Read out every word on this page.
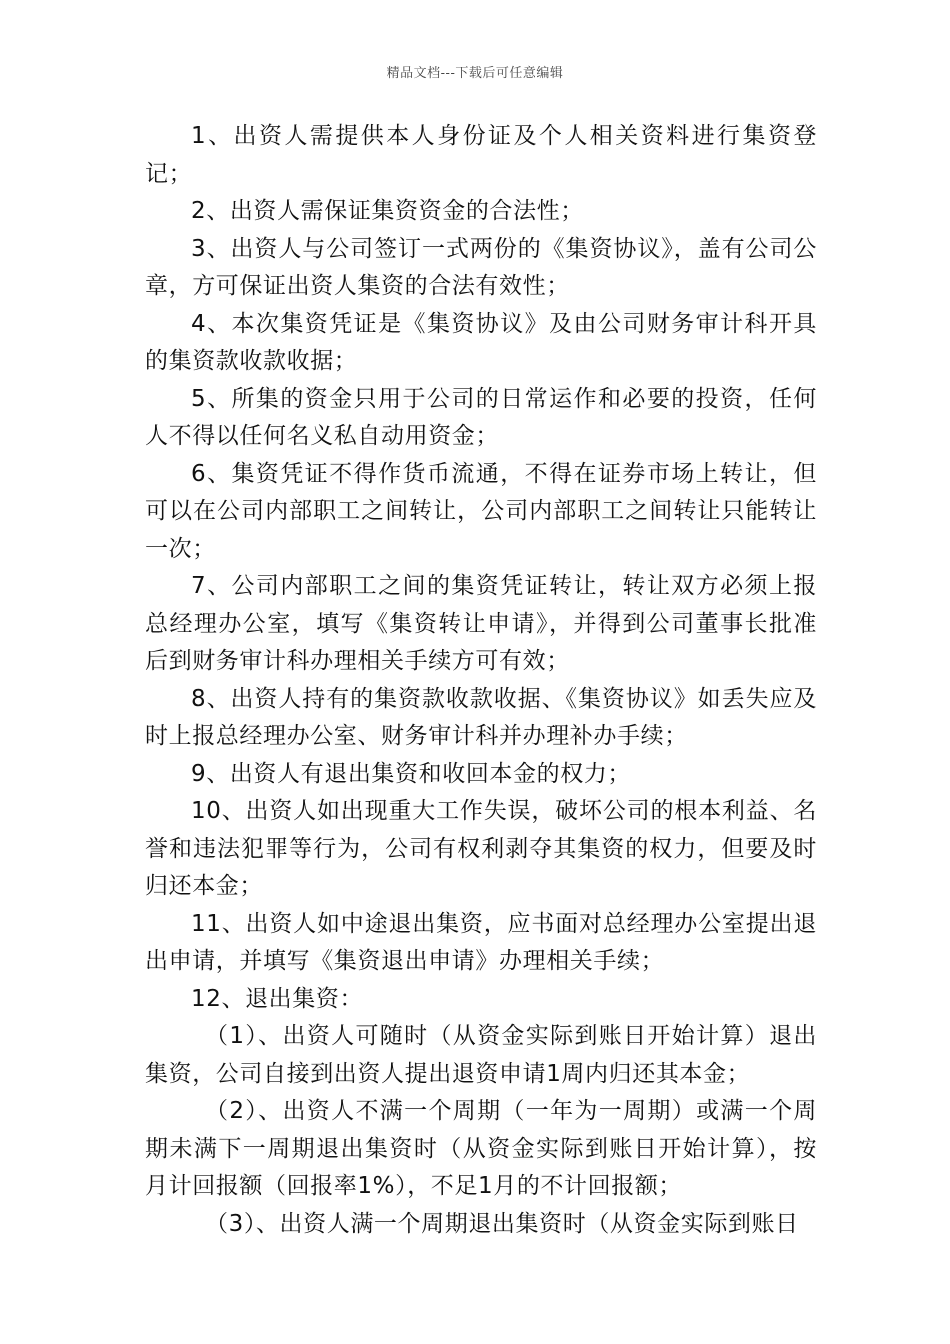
精品文档---下载后可任意编辑

1、出资人需提供本人身份证及个人相关资料进行集资登记；

2、出资人需保证集资资金的合法性；

3、出资人与公司签订一式两份的《集资协议》，盖有公司公章，方可保证出资人集资的合法有效性；

4、本次集资凭证是《集资协议》及由公司财务审计科开具的集资款收款收据；

5、所集的资金只用于公司的日常运作和必要的投资，任何人不得以任何名义私自动用资金；

6、集资凭证不得作货币流通，不得在证券市场上转让，但可以在公司内部职工之间转让，公司内部职工之间转让只能转让一次；

7、公司内部职工之间的集资凭证转让，转让双方必须上报总经理办公室，填写《集资转让申请》，并得到公司董事长批准后到财务审计科办理相关手续方可有效；

8、出资人持有的集资款收款收据、《集资协议》如丢失应及时上报总经理办公室、财务审计科并办理补办手续；

9、出资人有退出集资和收回本金的权力；

10、出资人如出现重大工作失误，破坏公司的根本利益、名誉和违法犯罪等行为，公司有权利剥夺其集资的权力，但要及时归还本金；

11、出资人如中途退出集资，应书面对总经理办公室提出退出申请，并填写《集资退出申请》办理相关手续；

12、退出集资：

（1）、出资人可随时（从资金实际到账日开始计算）退出集资，公司自接到出资人提出退资申请1周内归还其本金；

（2）、出资人不满一个周期（一年为一周期）或满一个周期未满下一周期退出集资时（从资金实际到账日开始计算），按月计回报额（回报率1%），不足1月的不计回报额；

（3）、出资人满一个周期退出集资时（从资金实际到账日
